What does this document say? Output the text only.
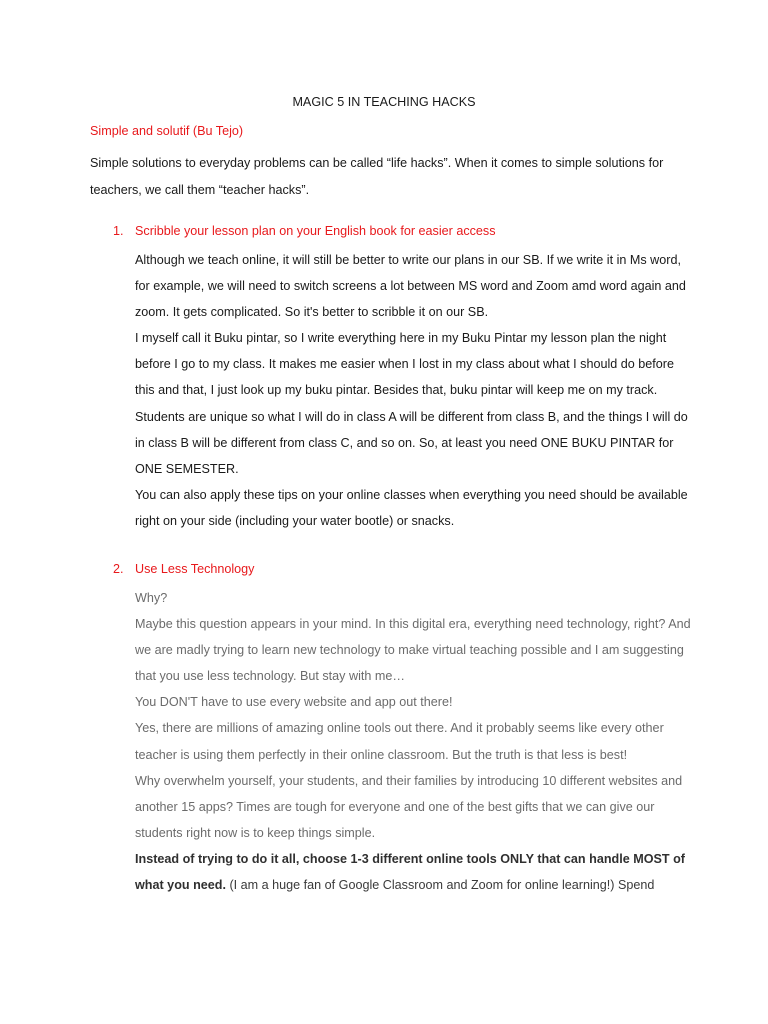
MAGIC 5 IN TEACHING HACKS
Simple and solutif (Bu Tejo)
Simple solutions to everyday problems can be called “life hacks”. When it comes to simple solutions for teachers, we call them “teacher hacks”.
1. Scribble your lesson plan on your English book for easier access

Although we teach online, it will still be better to write our plans in our SB. If we write it in Ms word, for example, we will need to switch screens a lot between MS word and Zoom amd word again and zoom. It gets complicated. So it's better to scribble it on our SB.

I myself call it Buku pintar, so I write everything here in my Buku Pintar my lesson plan the night before I go to my class. It makes me easier when I lost in my class about what I should do before this and that, I just look up my buku pintar. Besides that, buku pintar will keep me on my track. Students are unique so what I will do in class A will be different from class B, and the things I will do in class B will be different from class C, and so on. So, at least you need ONE BUKU PINTAR for ONE SEMESTER.

You can also apply these tips on your online classes when everything you need should be available right on your side (including your water bootle) or snacks.

2. Use Less Technology

Why?

Maybe this question appears in your mind. In this digital era, everything need technology, right? And we are madly trying to learn new technology to make virtual teaching possible and I am suggesting that you use less technology. But stay with me…

You DON'T have to use every website and app out there!

Yes, there are millions of amazing online tools out there. And it probably seems like every other teacher is using them perfectly in their online classroom. But the truth is that less is best!

Why overwhelm yourself, your students, and their families by introducing 10 different websites and another 15 apps? Times are tough for everyone and one of the best gifts that we can give our students right now is to keep things simple.

Instead of trying to do it all, choose 1-3 different online tools ONLY that can handle MOST of what you need. (I am a huge fan of Google Classroom and Zoom for online learning!) Spend
